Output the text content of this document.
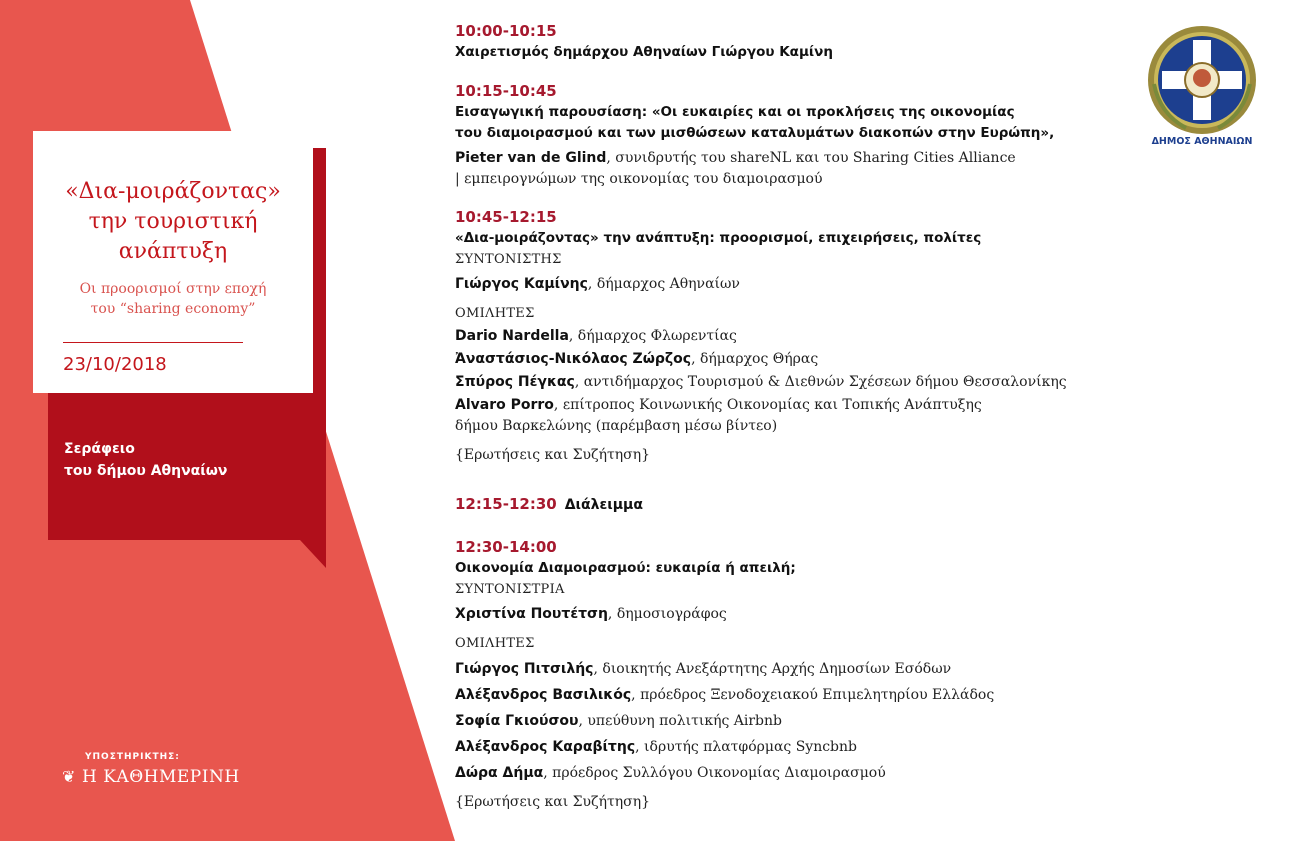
«Δια-μοιράζοντας»
την τουριστική
ανάπτυξη
Οι προορισμοί στην εποχή
του “sharing economy”
23/10/2018
Σεράφειο
του δήμου Αθηναίων
ΥΠΟΣΤΗΡΙΚΤΗΣ:
❦ Η ΚΑΘΗΜΕΡΙΝΗ
ΔΗΜΟΣ ΑΘΗΝΑΙΩΝ
10:00-10:15
Χαιρετισμός δημάρχου Αθηναίων Γιώργου Καμίνη
10:15-10:45
Εισαγωγική παρουσίαση: «Οι ευκαιρίες και οι προκλήσεις της οικονομίας
του διαμοιρασμού και των μισθώσεων καταλυμάτων διακοπών στην Ευρώπη»,
Pieter van de Glind, συνιδρυτής του shareNL και του Sharing Cities Alliance
| εμπειρογνώμων της οικονομίας του διαμοιρασμού
10:45-12:15
«Δια-μοιράζοντας» την ανάπτυξη: προορισμοί, επιχειρήσεις, πολίτες
ΣΥΝΤΟΝΙΣΤΗΣ
Γιώργος Καμίνης, δήμαρχος Αθηναίων
ΟΜΙΛΗΤΕΣ
Dario Nardella, δήμαρχος Φλωρεντίας
Ἀναστάσιος-Νικόλαος Ζώρζος, δήμαρχος Θήρας
Σπύρος Πέγκας, αντιδήμαρχος Τουρισμού & Διεθνών Σχέσεων δήμου Θεσσαλονίκης
Alvaro Porro, επίτροπος Κοινωνικής Οικονομίας και Τοπικής Ανάπτυξης
δήμου Βαρκελώνης (παρέμβαση μέσω βίντεο)
{Ερωτήσεις και Συζήτηση}
12:15-12:30 Διάλειμμα
12:30-14:00
Οικονομία Διαμοιρασμού: ευκαιρία ή απειλή;
ΣΥΝΤΟΝΙΣΤΡΙΑ
Χριστίνα Πουτέτση, δημοσιογράφος
ΟΜΙΛΗΤΕΣ
Γιώργος Πιτσιλής, διοικητής Ανεξάρτητης Αρχής Δημοσίων Εσόδων
Αλέξανδρος Βασιλικός, πρόεδρος Ξενοδοχειακού Επιμελητηρίου Ελλάδος
Σοφία Γκιούσου, υπεύθυνη πολιτικής Airbnb
Αλέξανδρος Καραβίτης, ιδρυτής πλατφόρμας Syncbnb
Δώρα Δήμα, πρόεδρος Συλλόγου Οικονομίας Διαμοιρασμού
{Ερωτήσεις και Συζήτηση}
